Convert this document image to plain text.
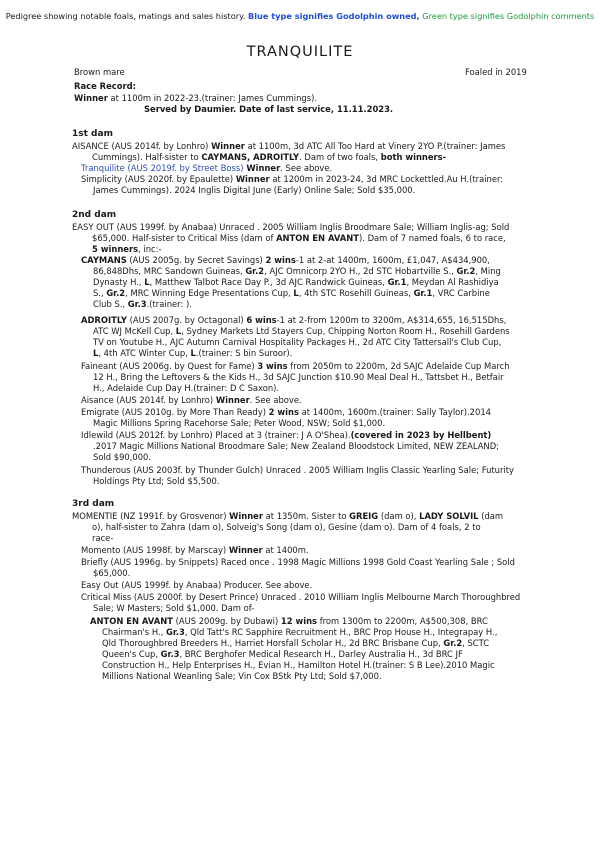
Pedigree showing notable foals, matings and sales history. Blue type signifies Godolphin owned, Green type signifies Godolphin comments
TRANQUILITE
Brown mare	Foaled in 2019
Race Record:
Winner at 1100m in 2022-23.(trainer: James Cummings).
Served by Daumier. Date of last service, 11.11.2023.
1st dam
AISANCE (AUS 2014f. by Lonhro) Winner at 1100m, 3d ATC All Too Hard at Vinery 2YO P.(trainer: James
Cummings). Half-sister to CAYMANS, ADROITLY. Dam of two foals, both winners-
Tranquilite (AUS 2019f. by Street Boss) Winner. See above.
Simplicity (AUS 2020f. by Epaulette) Winner at 1200m in 2023-24, 3d MRC Lockettled.Au H.(trainer:
James Cummings). 2024 Inglis Digital June (Early) Online Sale; Sold $35,000.
2nd dam
EASY OUT (AUS 1999f. by Anabaa) Unraced . 2005 William Inglis Broodmare Sale; William Inglis-ag; Sold
$65,000. Half-sister to Critical Miss (dam of ANTON EN AVANT). Dam of 7 named foals, 6 to race,
5 winners, inc:-
CAYMANS (AUS 2005g. by Secret Savings) 2 wins-1 at 2-at 1400m, 1600m, £1,047, A$434,900,
86,848Dhs, MRC Sandown Guineas, Gr.2, AJC Omnicorp 2YO H., 2d STC Hobartville S., Gr.2, Ming
Dynasty H., L, Matthew Talbot Race Day P., 3d AJC Randwick Guineas, Gr.1, Meydan Al Rashidiya
S., Gr.2, MRC Winning Edge Presentations Cup, L, 4th STC Rosehill Guineas, Gr.1, VRC Carbine
Club S., Gr.3.(trainer: ).
ADROITLY (AUS 2007g. by Octagonal) 6 wins-1 at 2-from 1200m to 3200m, A$314,655, 16,515Dhs,
ATC WJ McKell Cup, L, Sydney Markets Ltd Stayers Cup, Chipping Norton Room H., Rosehill Gardens
TV on Youtube H., AJC Autumn Carnival Hospitality Packages H., 2d ATC City Tattersall's Club Cup,
L, 4th ATC Winter Cup, L.(trainer: S bin Suroor).
Faineant (AUS 2006g. by Quest for Fame) 3 wins from 2050m to 2200m, 2d SAJC Adelaide Cup March
12 H., Bring the Leftovers & the Kids H., 3d SAJC Junction $10.90 Meal Deal H., Tattsbet H., Betfair
H., Adelaide Cup Day H.(trainer: D C Saxon).
Aisance (AUS 2014f. by Lonhro) Winner. See above.
Emigrate (AUS 2010g. by More Than Ready) 2 wins at 1400m, 1600m.(trainer: Sally Taylor).2014
Magic Millions Spring Racehorse Sale; Peter Wood, NSW; Sold $1,000.
Idlewild (AUS 2012f. by Lonhro) Placed at 3 (trainer: J A O'Shea).(covered in 2023 by Hellbent)
.2017 Magic Millions National Broodmare Sale; New Zealand Bloodstock Limited, NEW ZEALAND;
Sold $90,000.
Thunderous (AUS 2003f. by Thunder Gulch) Unraced . 2005 William Inglis Classic Yearling Sale; Futurity
Holdings Pty Ltd; Sold $5,500.
3rd dam
MOMENTIE (NZ 1991f. by Grosvenor) Winner at 1350m. Sister to GREIG (dam o), LADY SOLVIL (dam
o), half-sister to Zahra (dam o), Solveig's Song (dam o), Gesine (dam o). Dam of 4 foals, 2 to
race-
Momento (AUS 1998f. by Marscay) Winner at 1400m.
Briefly (AUS 1996g. by Snippets) Raced once . 1998 Magic Millions 1998 Gold Coast Yearling Sale ; Sold
$65,000.
Easy Out (AUS 1999f. by Anabaa) Producer. See above.
Critical Miss (AUS 2000f. by Desert Prince) Unraced . 2010 William Inglis Melbourne March Thoroughbred
Sale; W Masters; Sold $1,000. Dam of-
ANTON EN AVANT (AUS 2009g. by Dubawi) 12 wins from 1300m to 2200m, A$500,308, BRC
Chairman's H., Gr.3, Qld Tatt's RC Sapphire Recruitment H., BRC Prop House H., Integrapay H.,
Qld Thoroughbred Breeders H., Harriet Horsfall Scholar H., 2d BRC Brisbane Cup, Gr.2, SCTC
Queen's Cup, Gr.3, BRC Berghofer Medical Research H., Darley Australia H., 3d BRC JF
Construction H., Help Enterprises H., Evian H., Hamilton Hotel H.(trainer: S B Lee).2010 Magic
Millions National Weanling Sale; Vin Cox BStk Pty Ltd; Sold $7,000.
